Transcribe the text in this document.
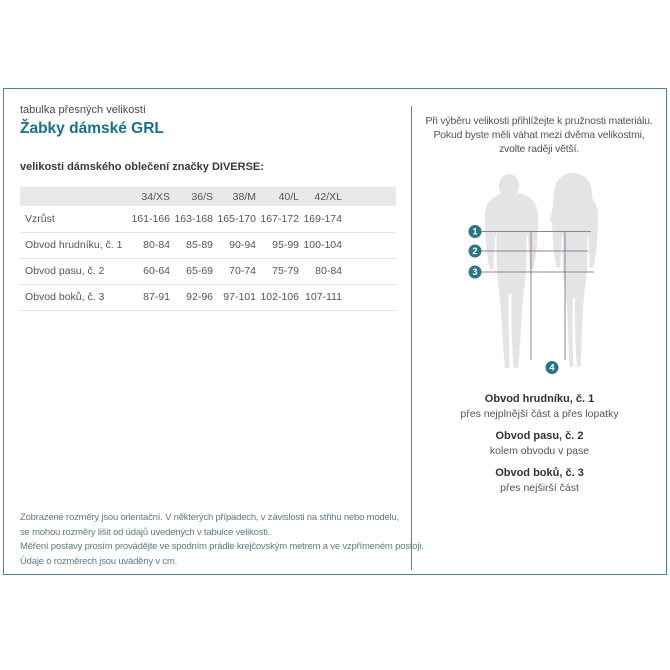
tabulka přesných velikostí
Žabky dámské GRL
velikosti dámského oblečení značky DIVERSE:
	34/XS	36/S	38/M	40/L	42/XL	
Vzrůst	161-166	163-168	165-170	167-172	169-174	
Obvod hrudníku, č. 1	80-84	85-89	90-94	95-99	100-104	
Obvod pasu, č. 2	60-64	65-69	70-74	75-79	80-84	
Obvod boků, č. 3	87-91	92-96	97-101	102-106	107-111	
Zobrazené rozměry jsou orientační. V některých případech, v závislosti na střihu nebo modelu,
se mohou rozměry lišit od údajů uvedených v tabulce velikosti.
Měření postavy prosím provádějte ve spodním prádle krejčovským metrem a ve vzpřímeném postoji.
Údaje o rozměrech jsou uváděny v cm.
Při výběru velikosti přihlížejte k pružnosti materiálu.
Pokud byste měli váhat mezi dvěma velikostmi,
zvolte raději větší.
1
2
3
4
Obvod hrudníku, č. 1
přes nejplnější část a přes lopatky
Obvod pasu, č. 2
kolem obvodu v pase
Obvod boků, č. 3
přes nejširší část
